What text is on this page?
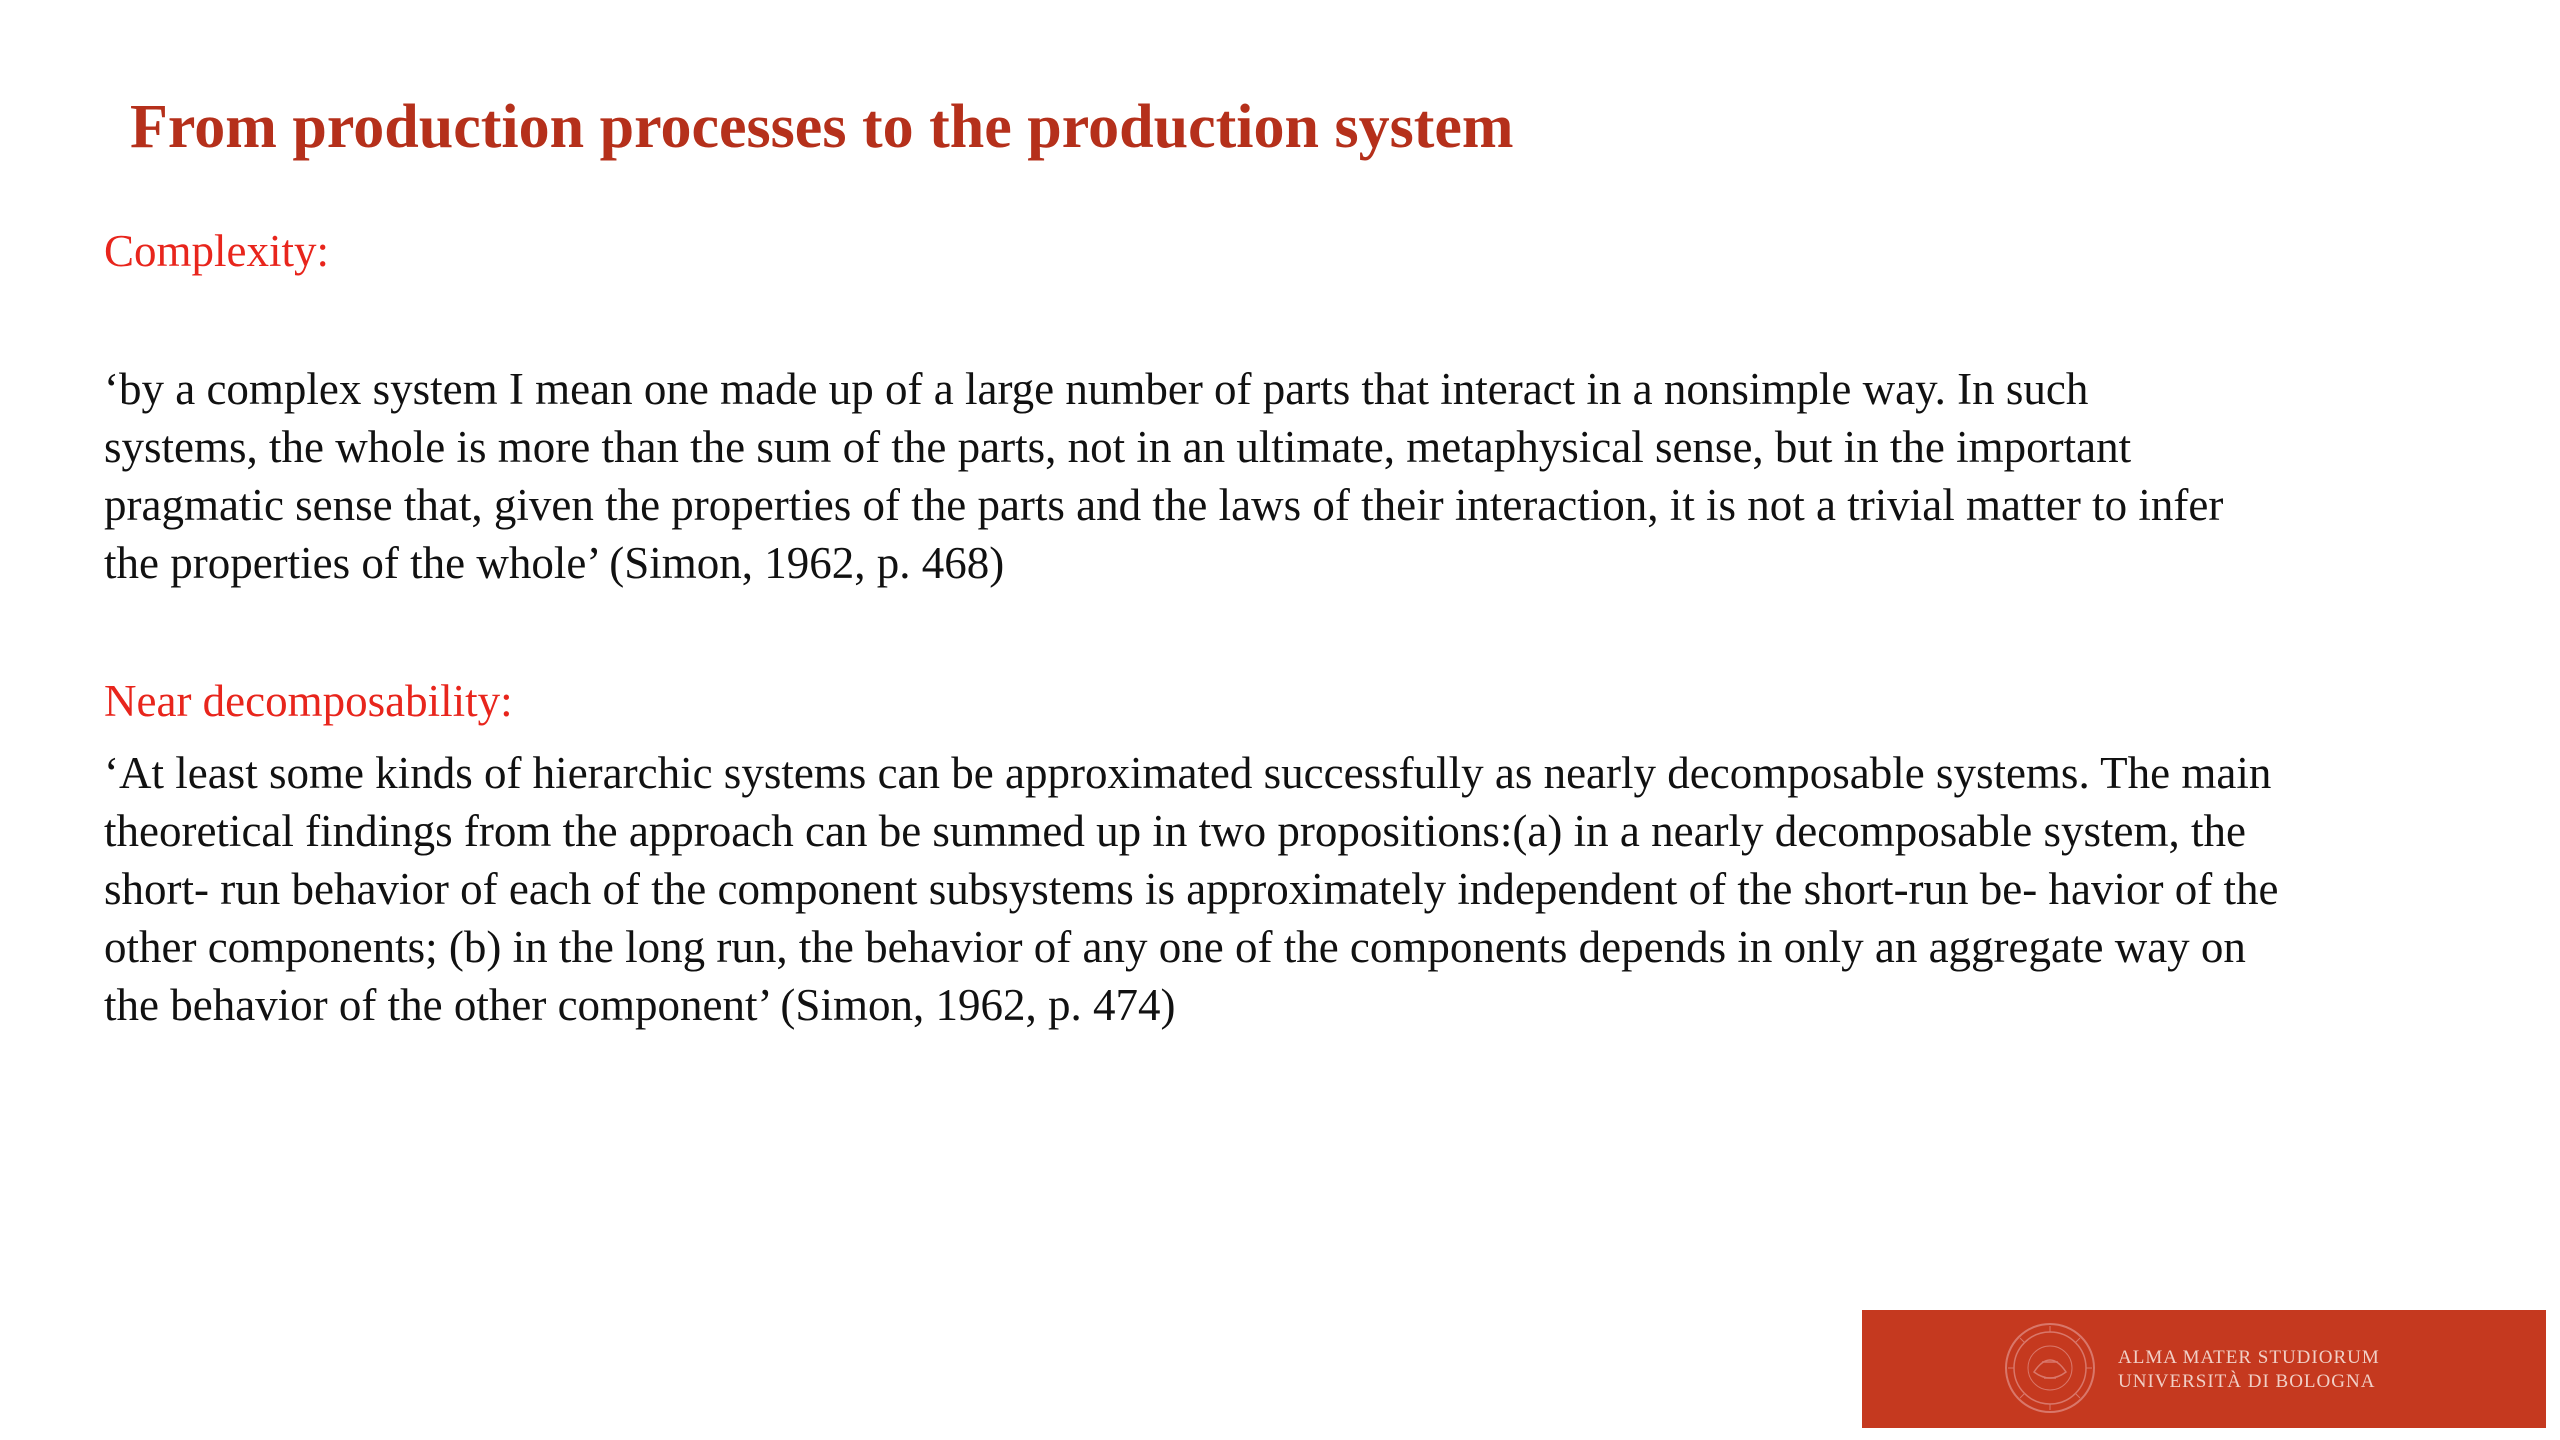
From production processes to the production system

Complexity:

‘by a complex system I mean one made up of a large number of parts that interact in a nonsimple way. In such
systems, the whole is more than the sum of the parts, not in an ultimate, metaphysical sense, but in the important
pragmatic sense that, given the properties of the parts and the laws of their interaction, it is not a trivial matter to infer
the properties of the whole’ (Simon, 1962, p. 468)

Near decomposability:

‘At least some kinds of hierarchic systems can be approximated successfully as nearly decomposable systems. The main
theoretical findings from the approach can be summed up in two propositions:(a) in a nearly decomposable system, the
short- run behavior of each of the component subsystems is approximately independent of the short-run be- havior of the
other components; (b) in the long run, the behavior of any one of the components depends in only an aggregate way on
the behavior of the other component’ (Simon, 1962, p. 474)

ALMA MATER STUDIORUM
UNIVERSITÀ DI BOLOGNA
